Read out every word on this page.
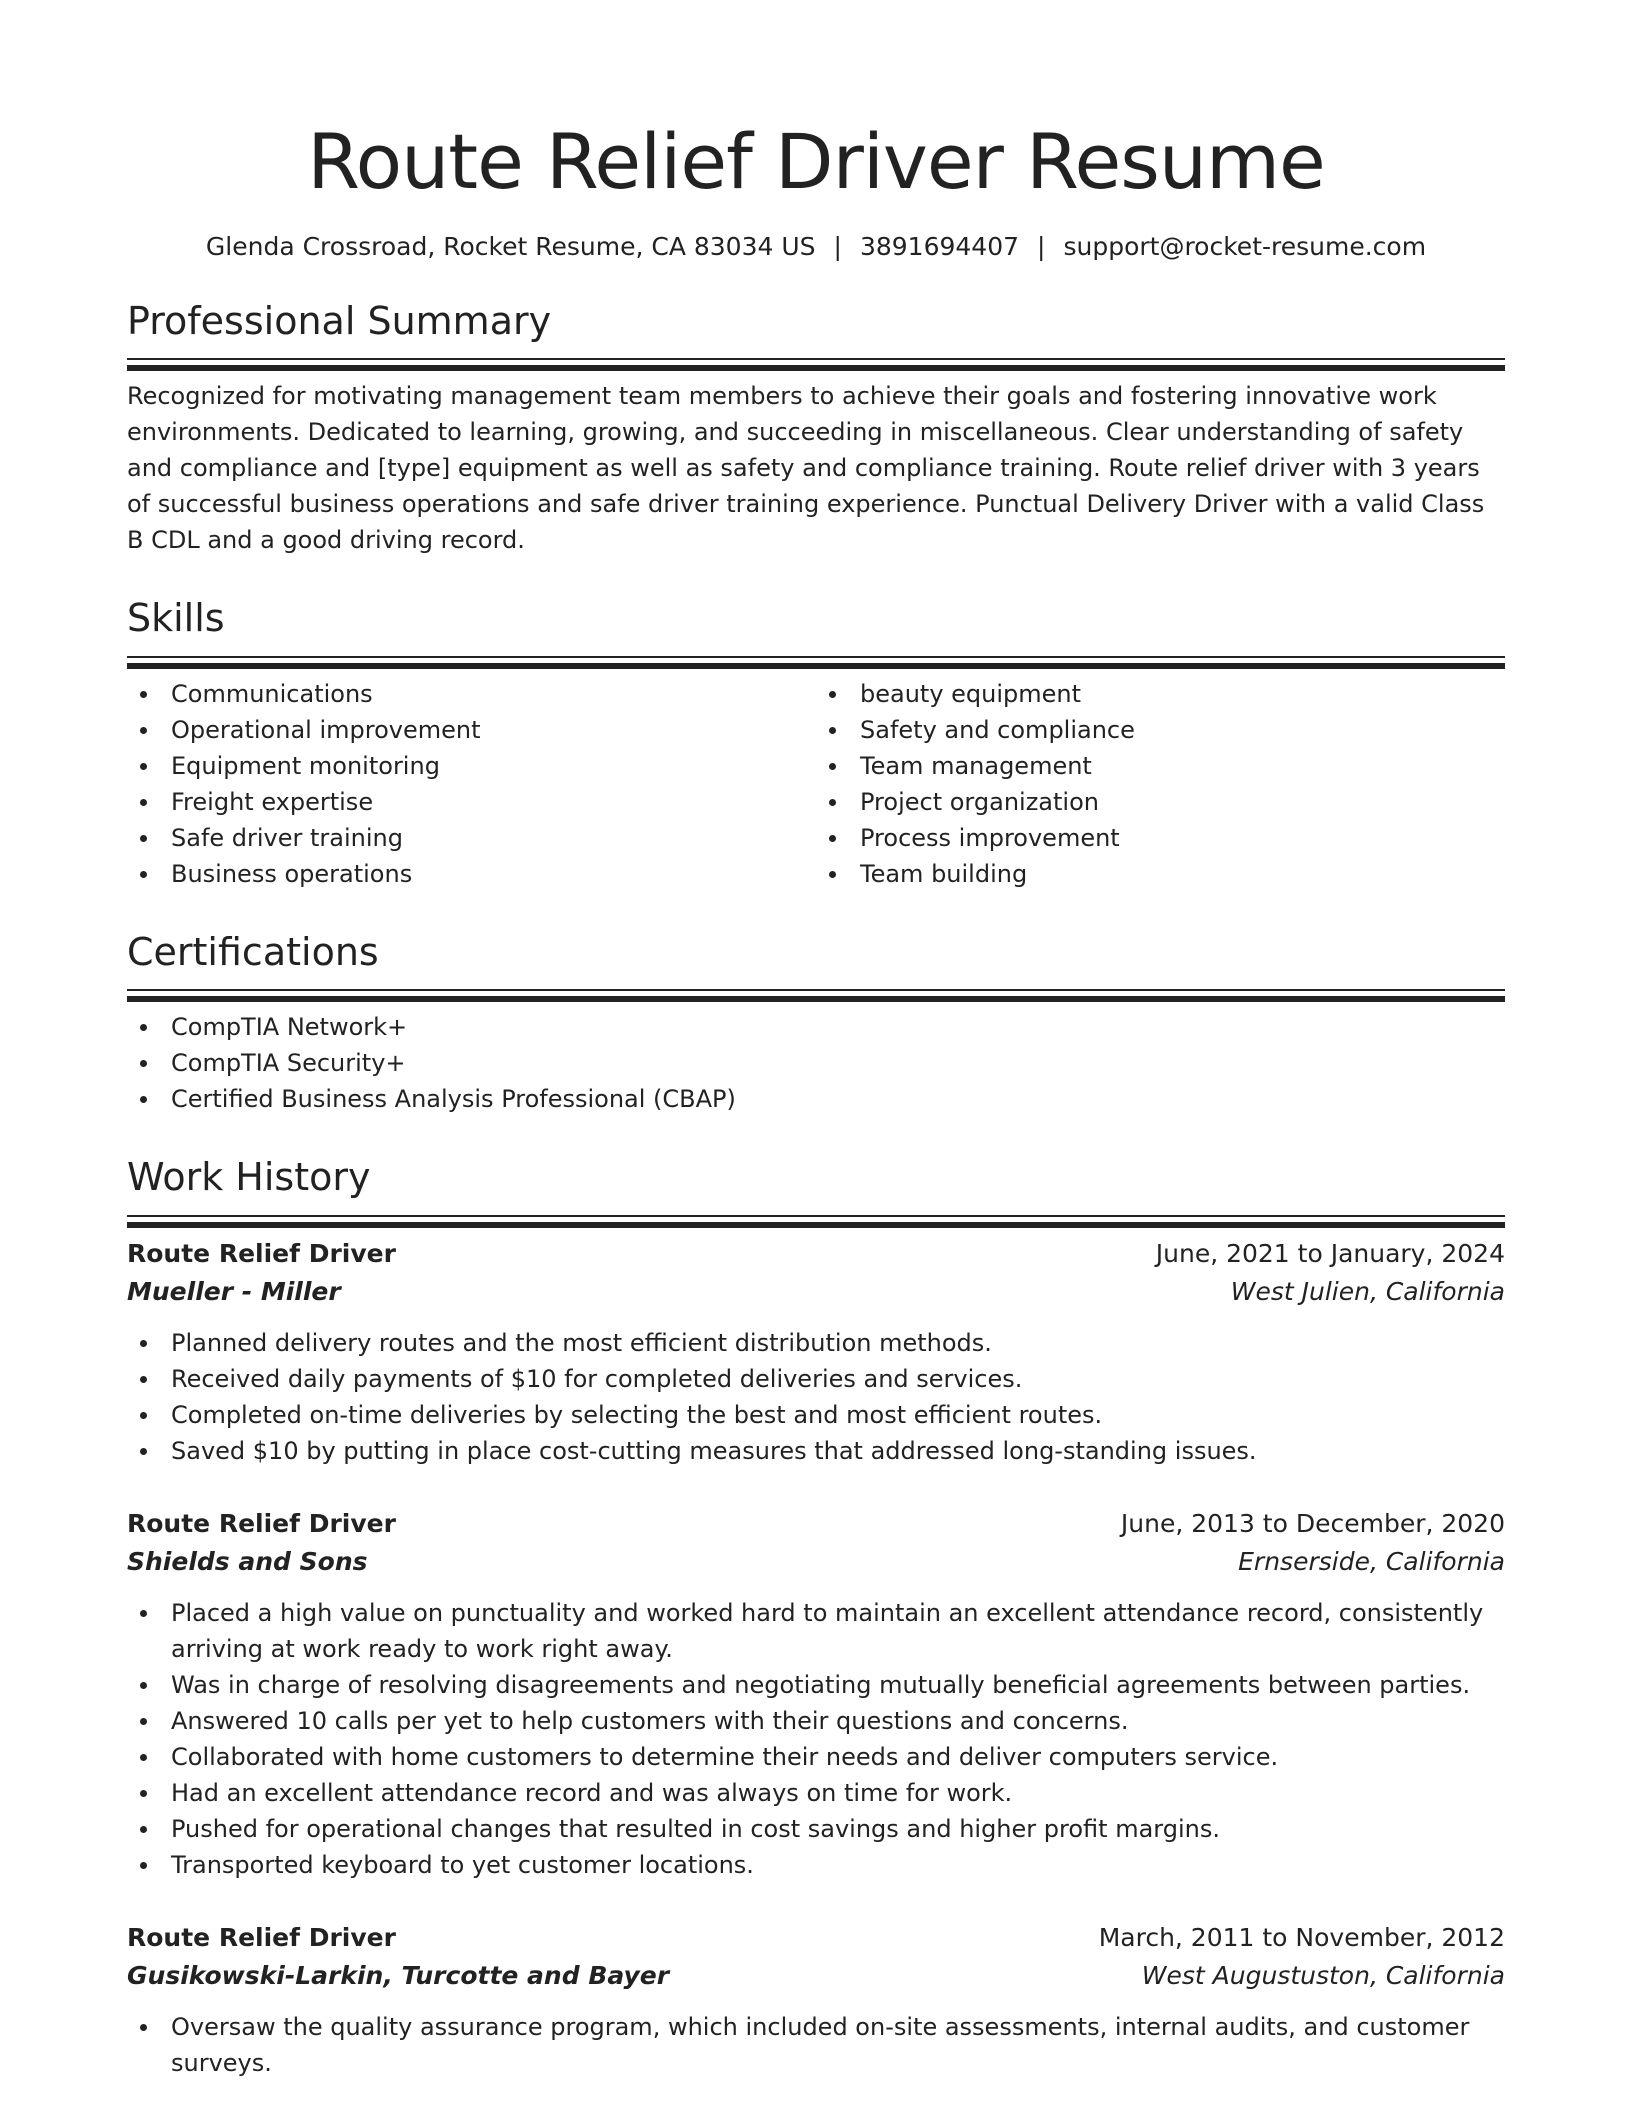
Route Relief Driver Resume
Glenda Crossroad, Rocket Resume, CA 83034 US | 3891694407 | support@rocket-resume.com
Professional Summary

Recognized for motivating management team members to achieve their goals and fostering innovative work environments. Dedicated to learning, growing, and succeeding in miscellaneous. Clear understanding of safety and compliance and [type] equipment as well as safety and compliance training. Route relief driver with 3 years of successful business operations and safe driver training experience. Punctual Delivery Driver with a valid Class B CDL and a good driving record.

Skills
Communications
Operational improvement
Equipment monitoring
Freight expertise
Safe driver training
Business operations
beauty equipment
Safety and compliance
Team management
Project organization
Process improvement
Team building
Certifications
CompTIA Network+
CompTIA Security+
Certified Business Analysis Professional (CBAP)
Work History
Route Relief Driver	June, 2021 to January, 2024
Mueller - Miller	West Julien, California
Planned delivery routes and the most efficient distribution methods.
Received daily payments of $10 for completed deliveries and services.
Completed on-time deliveries by selecting the best and most efficient routes.
Saved $10 by putting in place cost-cutting measures that addressed long-standing issues.
Route Relief Driver	June, 2013 to December, 2020
Shields and Sons	Ernserside, California
Placed a high value on punctuality and worked hard to maintain an excellent attendance record, consistently arriving at work ready to work right away.
Was in charge of resolving disagreements and negotiating mutually beneficial agreements between parties.
Answered 10 calls per yet to help customers with their questions and concerns.
Collaborated with home customers to determine their needs and deliver computers service.
Had an excellent attendance record and was always on time for work.
Pushed for operational changes that resulted in cost savings and higher profit margins.
Transported keyboard to yet customer locations.
Route Relief Driver	March, 2011 to November, 2012
Gusikowski-Larkin, Turcotte and Bayer	West Augustuston, California
Oversaw the quality assurance program, which included on-site assessments, internal audits, and customer surveys.
